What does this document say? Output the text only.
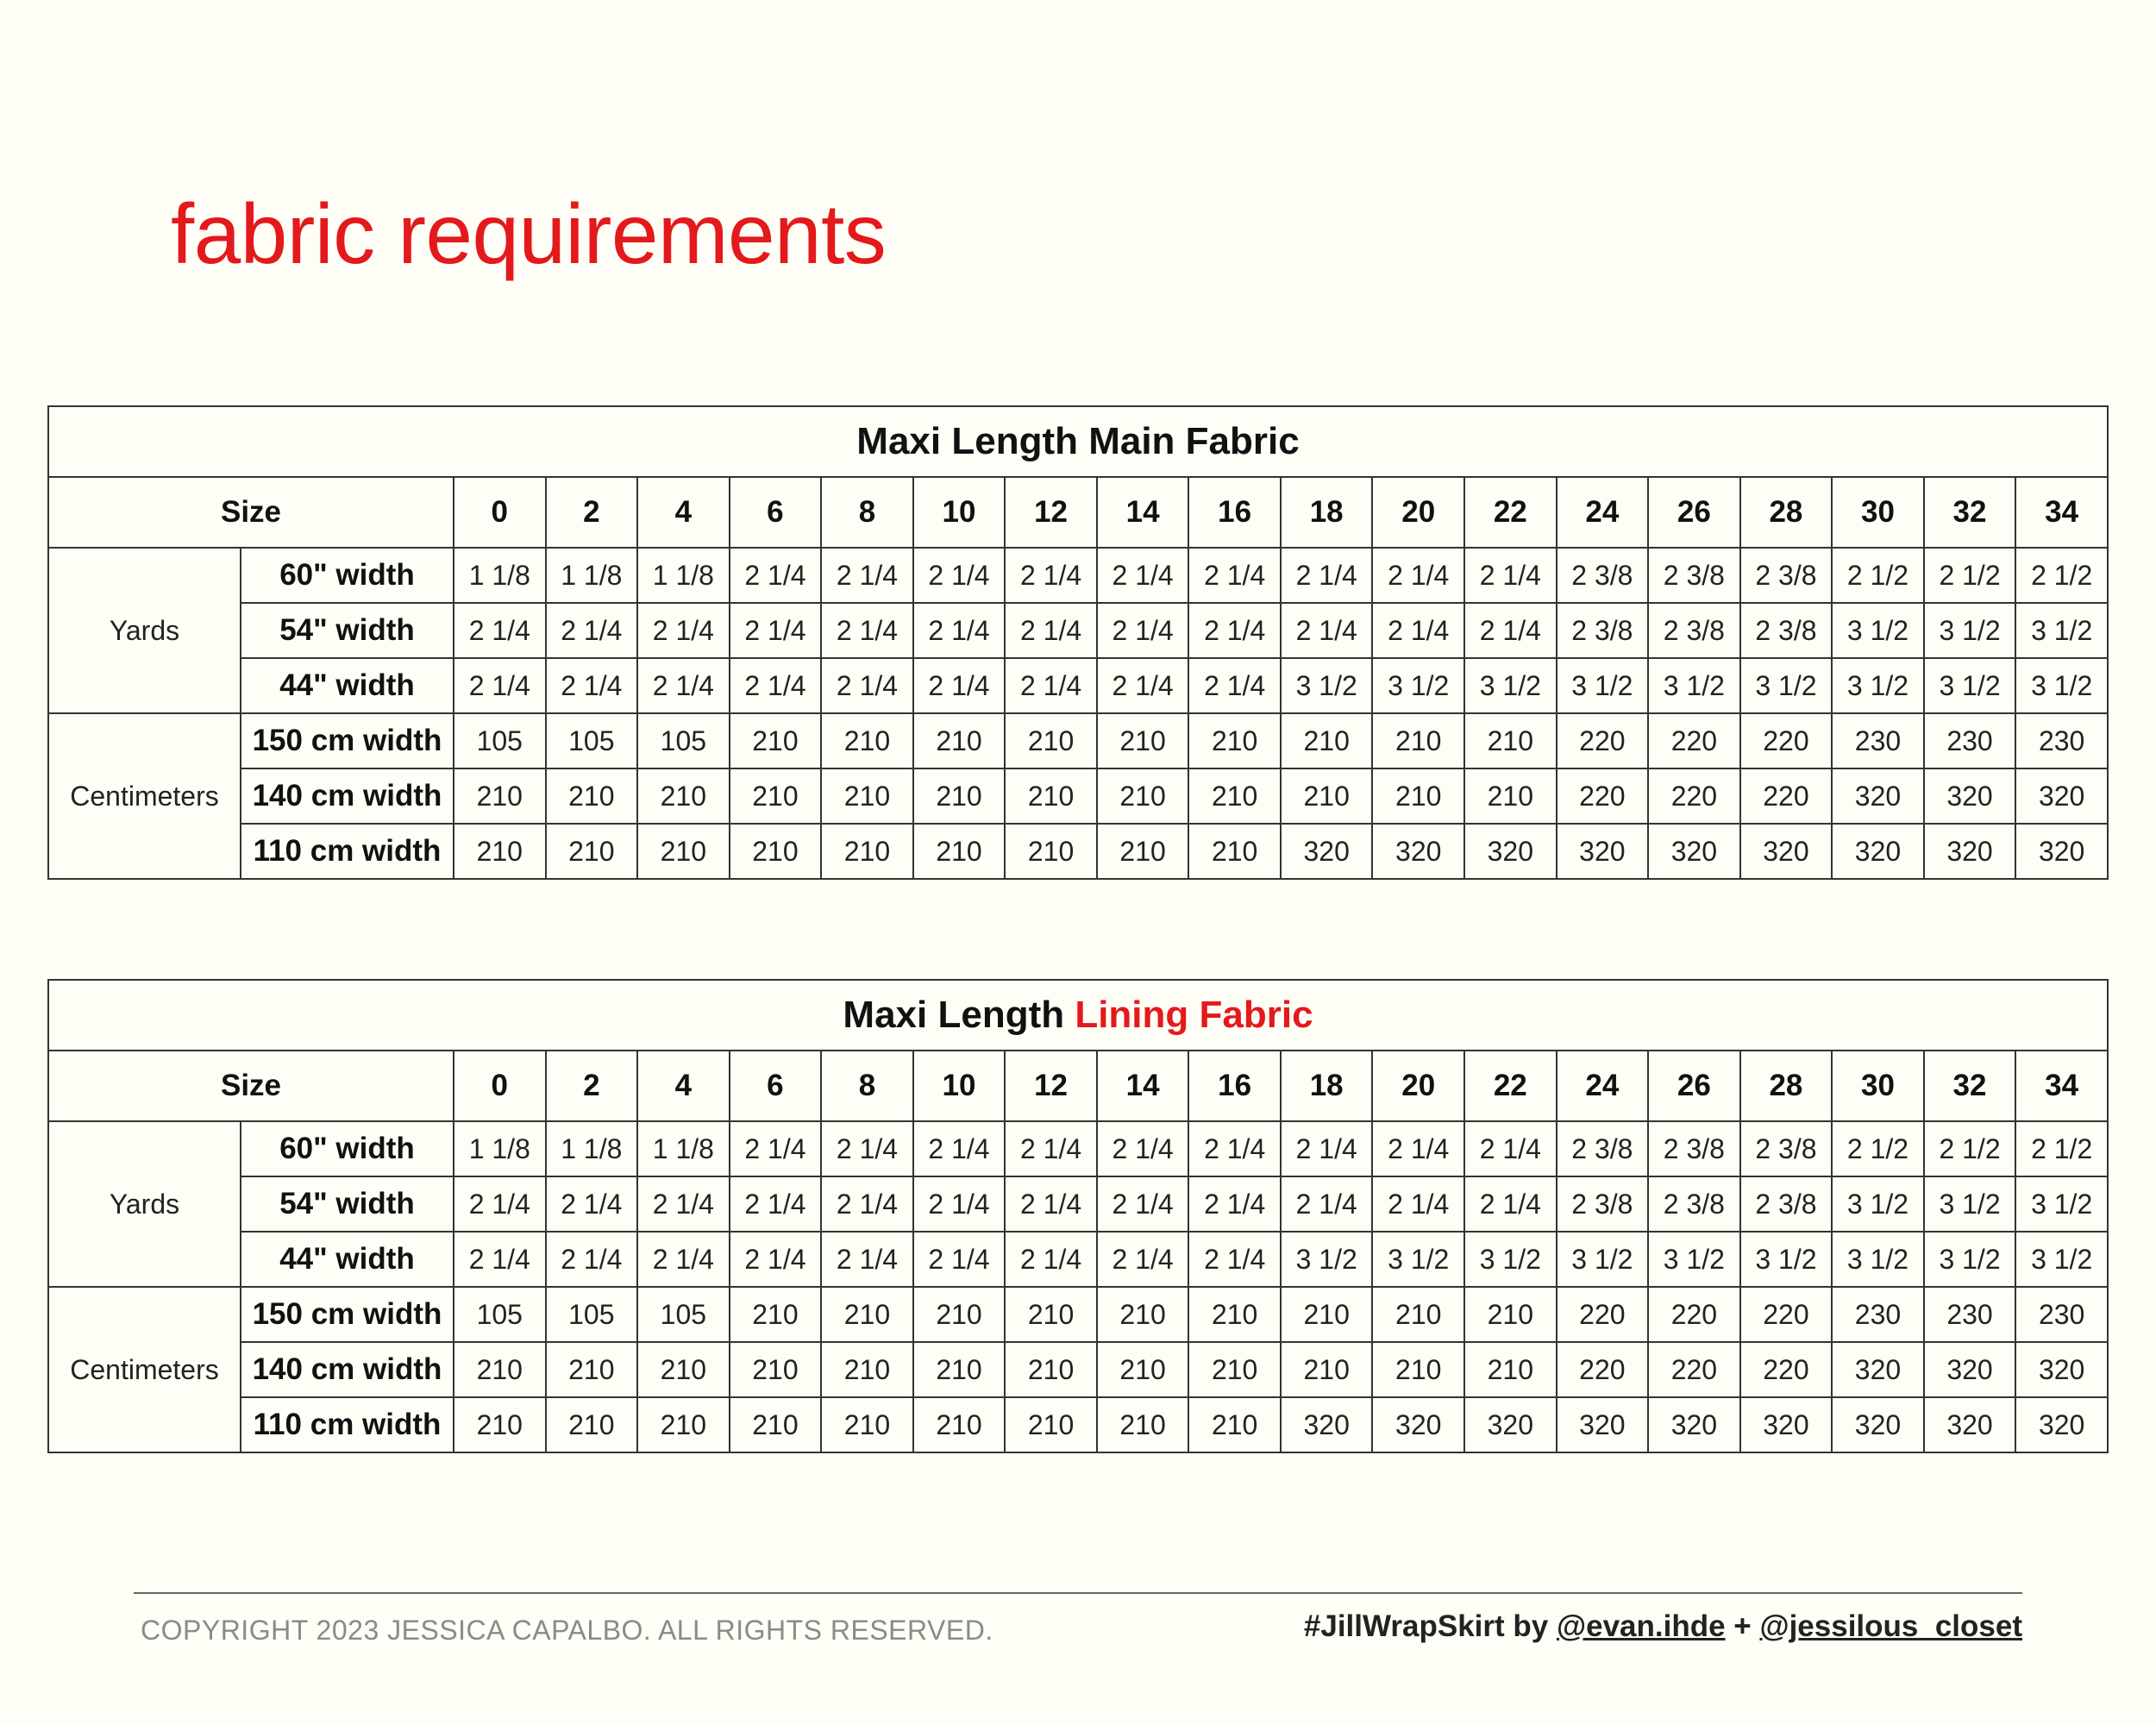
fabric requirements
Maxi Length Main Fabric																			
Size		0	2	4	6	8	10	12	14	16	18	20	22	24	26	28	30	32	34
Yards	60" width	1 1/8	1 1/8	1 1/8	2 1/4	2 1/4	2 1/4	2 1/4	2 1/4	2 1/4	2 1/4	2 1/4	2 1/4	2 3/8	2 3/8	2 3/8	2 1/2	2 1/2	2 1/2
	54" width	2 1/4	2 1/4	2 1/4	2 1/4	2 1/4	2 1/4	2 1/4	2 1/4	2 1/4	2 1/4	2 1/4	2 1/4	2 3/8	2 3/8	2 3/8	3 1/2	3 1/2	3 1/2
	44" width	2 1/4	2 1/4	2 1/4	2 1/4	2 1/4	2 1/4	2 1/4	2 1/4	2 1/4	3 1/2	3 1/2	3 1/2	3 1/2	3 1/2	3 1/2	3 1/2	3 1/2	3 1/2
Centimeters	150 cm width	105	105	105	210	210	210	210	210	210	210	210	210	220	220	220	230	230	230
	140 cm width	210	210	210	210	210	210	210	210	210	210	210	210	220	220	220	320	320	320
	110 cm width	210	210	210	210	210	210	210	210	210	320	320	320	320	320	320	320	320	320
Maxi Length Lining Fabric																			
Size		0	2	4	6	8	10	12	14	16	18	20	22	24	26	28	30	32	34
Yards	60" width	1 1/8	1 1/8	1 1/8	2 1/4	2 1/4	2 1/4	2 1/4	2 1/4	2 1/4	2 1/4	2 1/4	2 1/4	2 3/8	2 3/8	2 3/8	2 1/2	2 1/2	2 1/2
	54" width	2 1/4	2 1/4	2 1/4	2 1/4	2 1/4	2 1/4	2 1/4	2 1/4	2 1/4	2 1/4	2 1/4	2 1/4	2 3/8	2 3/8	2 3/8	3 1/2	3 1/2	3 1/2
	44" width	2 1/4	2 1/4	2 1/4	2 1/4	2 1/4	2 1/4	2 1/4	2 1/4	2 1/4	3 1/2	3 1/2	3 1/2	3 1/2	3 1/2	3 1/2	3 1/2	3 1/2	3 1/2
Centimeters	150 cm width	105	105	105	210	210	210	210	210	210	210	210	210	220	220	220	230	230	230
	140 cm width	210	210	210	210	210	210	210	210	210	210	210	210	220	220	220	320	320	320
	110 cm width	210	210	210	210	210	210	210	210	210	320	320	320	320	320	320	320	320	320
COPYRIGHT 2023 JESSICA CAPALBO. ALL RIGHTS RESERVED.	#JillWrapSkirt by @evan.ihde + @jessilous_closet
